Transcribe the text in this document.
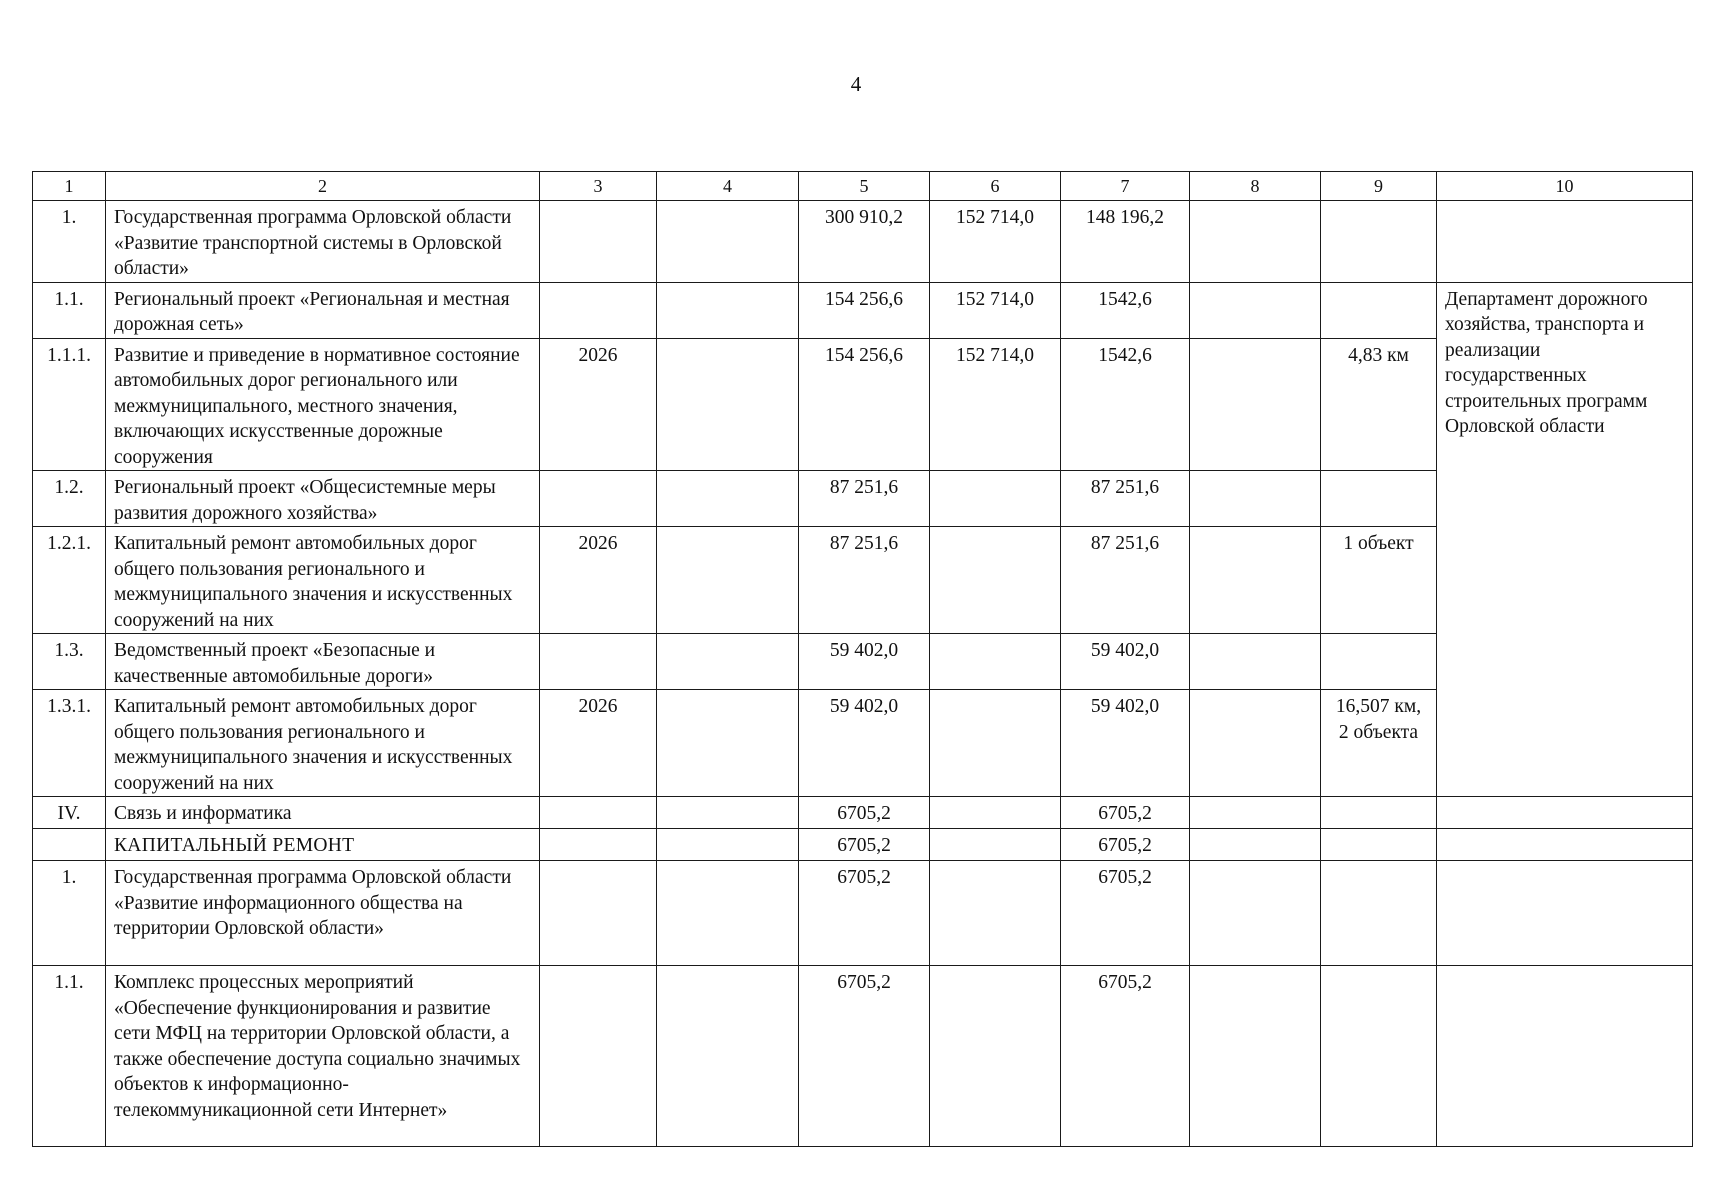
4
1	2	3	4	5	6	7	8	9	10
1.	Государственная программа Орловской области «Развитие транспортной системы в Орловской области»			300 910,2	152 714,0	148 196,2			
1.1.	Региональный проект «Региональная и местная дорожная сеть»			154 256,6	152 714,0	1542,6			Департамент дорожного хозяйства, транспорта и реализации государственных строительных программ Орловской области
1.1.1.	Развитие и приведение в нормативное состояние автомобильных дорог регионального или межмуниципального, местного значения, включающих искусственные дорожные сооружения	2026		154 256,6	152 714,0	1542,6		4,83 км	
1.2.	Региональный проект «Общесистемные меры развития дорожного хозяйства»			87 251,6		87 251,6			
1.2.1.	Капитальный ремонт автомобильных дорог общего пользования регионального и межмуниципального значения и искусственных сооружений на них	2026		87 251,6		87 251,6		1 объект	
1.3.	Ведомственный проект «Безопасные и качественные автомобильные дороги»			59 402,0		59 402,0			
1.3.1.	Капитальный ремонт автомобильных дорог общего пользования регионального и межмуниципального значения и искусственных сооружений на них	2026		59 402,0		59 402,0		16,507 км, 2 объекта	
IV.	Связь и информатика			6705,2		6705,2			
	КАПИТАЛЬНЫЙ РЕМОНТ			6705,2		6705,2			
1.	Государственная программа Орловской области «Развитие информационного общества на территории Орловской области»			6705,2		6705,2			
1.1.	Комплекс процессных мероприятий «Обеспечение функционирования и развитие сети МФЦ на территории Орловской области, а также обеспечение доступа социально значимых объектов к информационно-телекоммуникационной сети Интернет»			6705,2		6705,2			
